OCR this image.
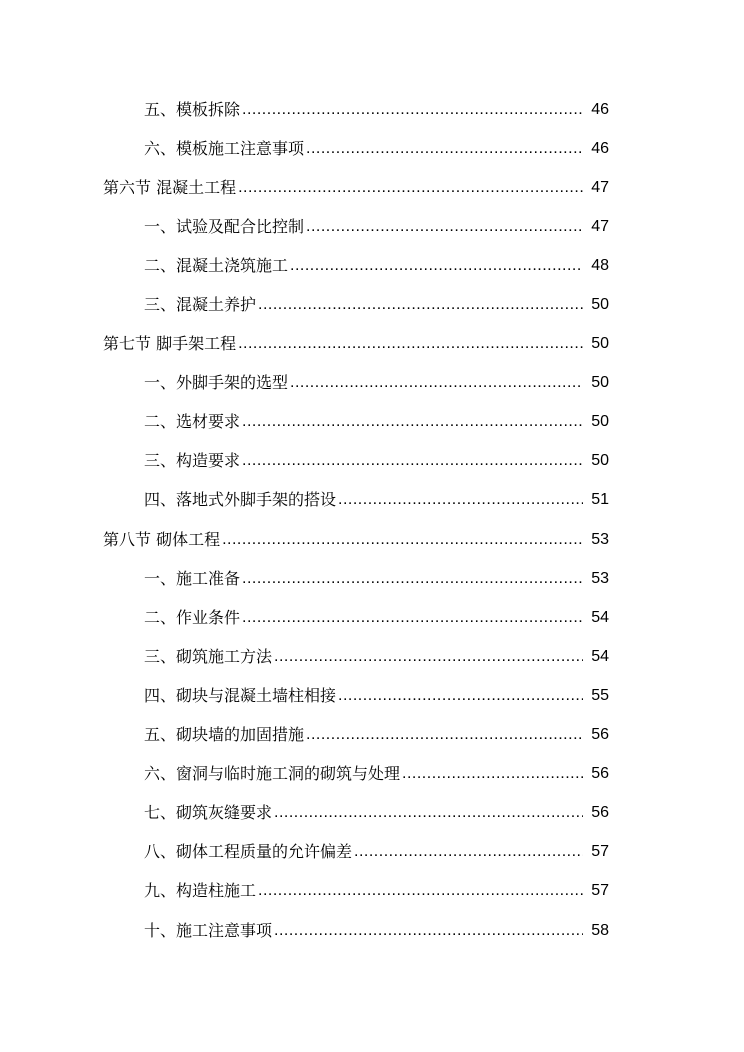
五、模板拆除 .....	46
六、模板施工注意事项 .....	46
第六节 混凝土工程 .....	47
一、试验及配合比控制 .....	47
二、混凝土浇筑施工 .....	48
三、混凝土养护 .....	50
第七节 脚手架工程 .....	50
一、外脚手架的选型 .....	50
二、选材要求 .....	50
三、构造要求 .....	50
四、落地式外脚手架的搭设 .....	51
第八节 砌体工程 .....	53
一、施工准备 .....	53
二、作业条件 .....	54
三、砌筑施工方法 .....	54
四、砌块与混凝土墙柱相接 .....	55
五、砌块墙的加固措施 .....	56
六、窗洞与临时施工洞的砌筑与处理 .....	56
七、砌筑灰缝要求 .....	56
八、砌体工程质量的允许偏差 .....	57
九、构造柱施工 .....	57
十、施工注意事项 .....	58
